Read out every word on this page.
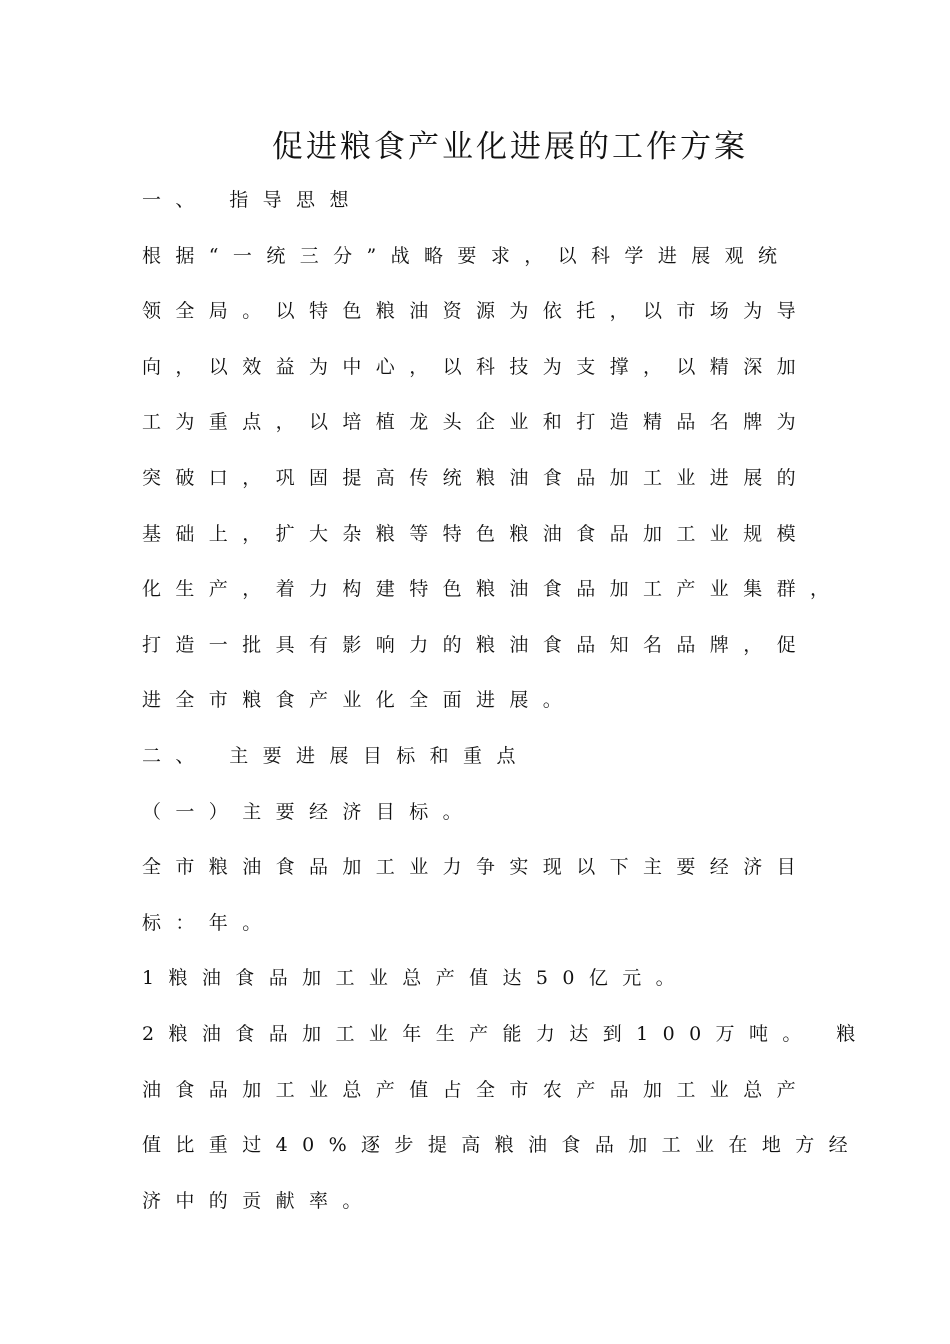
促进粮食产业化进展的工作方案
一、 指导思想
根据“一统三分”战略要求，以科学进展观统
领全局。以特色粮油资源为依托，以市场为导
向，以效益为中心，以科技为支撑，以精深加
工为重点，以培植龙头企业和打造精品名牌为
突破口，巩固提高传统粮油食品加工业进展的
基础上，扩大杂粮等特色粮油食品加工业规模
化生产，着力构建特色粮油食品加工产业集群，
打造一批具有影响力的粮油食品知名品牌，促
进全市粮食产业化全面进展。
二、 主要进展目标和重点
（一）主要经济目标。
全市粮油食品加工业力争实现以下主要经济目
标：年。
1粮油食品加工业总产值达50亿元。
2粮油食品加工业年生产能力达到100万吨。 粮
油食品加工业总产值占全市农产品加工业总产
值比重过40%逐步提高粮油食品加工业在地方经
济中的贡献率。
